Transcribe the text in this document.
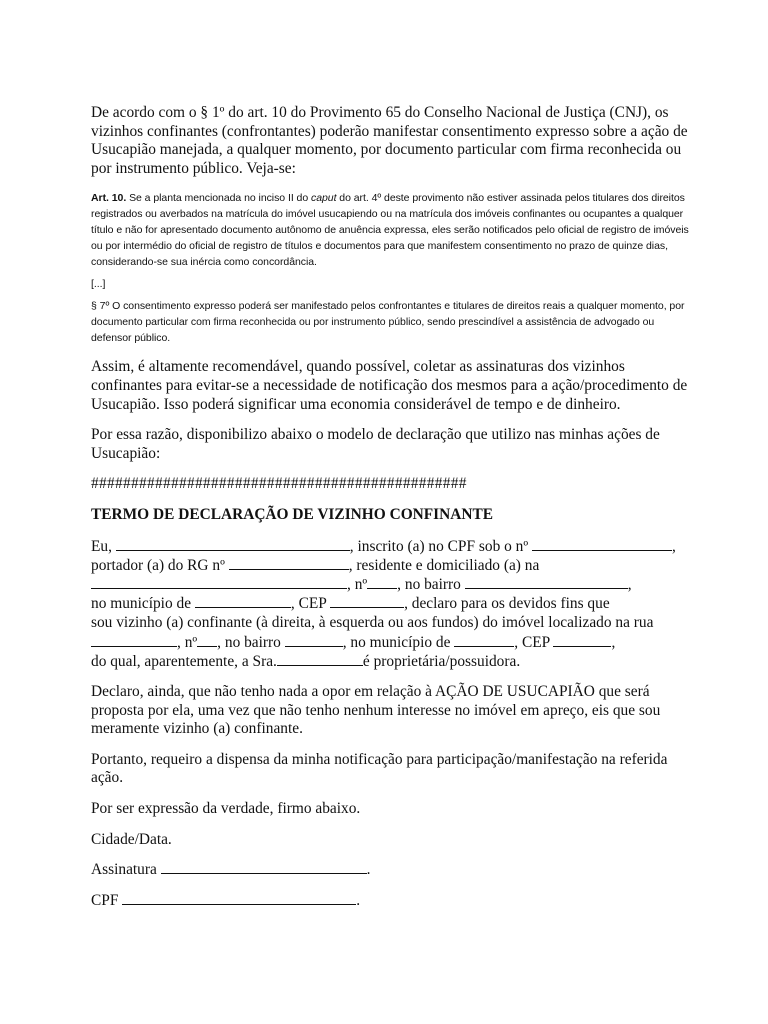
De acordo com o § 1º do art. 10 do Provimento 65 do Conselho Nacional de Justiça (CNJ), os vizinhos confinantes (confrontantes) poderão manifestar consentimento expresso sobre a ação de Usucapião manejada, a qualquer momento, por documento particular com firma reconhecida ou por instrumento público. Veja-se:

Art. 10. Se a planta mencionada no inciso II do caput do art. 4º deste provimento não estiver assinada pelos titulares dos direitos registrados ou averbados na matrícula do imóvel usucapiendo ou na matrícula dos imóveis confinantes ou ocupantes a qualquer título e não for apresentado documento autônomo de anuência expressa, eles serão notificados pelo oficial de registro de imóveis ou por intermédio do oficial de registro de títulos e documentos para que manifestem consentimento no prazo de quinze dias, considerando-se sua inércia como concordância.

[...]

§ 7º O consentimento expresso poderá ser manifestado pelos confrontantes e titulares de direitos reais a qualquer momento, por documento particular com firma reconhecida ou por instrumento público, sendo prescindível a assistência de advogado ou defensor público.

Assim, é altamente recomendável, quando possível, coletar as assinaturas dos vizinhos confinantes para evitar-se a necessidade de notificação dos mesmos para a ação/procedimento de Usucapião. Isso poderá significar uma economia considerável de tempo e de dinheiro.

Por essa razão, disponibilizo abaixo o modelo de declaração que utilizo nas minhas ações de Usucapião:

###############################################

TERMO DE DECLARAÇÃO DE VIZINHO CONFINANTE

Eu,	, inscrito (a) no CPF sob o nº	,
portador (a) do RG nº	, residente e domiciliado (a) na
, nº , no bairro	,
no município de	, CEP	, declaro para os devidos fins que
sou vizinho (a) confinante (à direita, à esquerda ou aos fundos) do imóvel localizado na rua
, nº , no bairro	, no município de	, CEP	,
do qual, aparentemente, a Sra.	é proprietária/possuidora.

Declaro, ainda, que não tenho nada a opor em relação à AÇÃO DE USUCAPIÃO que será proposta por ela, uma vez que não tenho nenhum interesse no imóvel em apreço, eis que sou meramente vizinho (a) confinante.

Portanto, requeiro a dispensa da minha notificação para participação/manifestação na referida ação.

Por ser expressão da verdade, firmo abaixo.

Cidade/Data.

Assinatura	.

CPF	.
